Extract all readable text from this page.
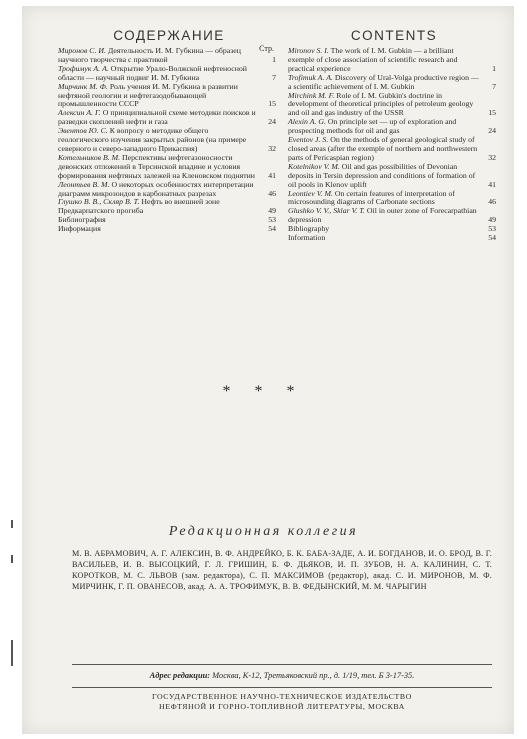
СОДЕРЖАНИЕ
Стр.
Миронов С. И. Деятельность И. М. Губкина — образец научного творчества с практикой	1
Трофимук А. А. Открытие Урало-Волжской нефтеносной области — научный подвиг И. М. Губкина	7
Мирчинк М. Ф. Роль учения И. М. Губкина в развитии нефтяной геологии и нефтегазодобывающей промышленности СССР	15
Алексин А. Г. О принципиальной схеме методики поисков и разведки скоплений нефти и газа	24
Эвентов Ю. С. К вопросу о методике общего геологического изучения закрытых районов (на примере северного и северо-западного Прикаспия)	32
Котельников В. М. Перспективы нефтегазоносности девонских отложений в Терсинской впадине и условия формирования нефтяных залежей на Кленовском поднятии	41
Леонтьев В. М. О некоторых особенностях интерпретации диаграмм микрозондов в карбонатных разрезах	46
Глушко В. В., Скляр В. Т. Нефть во внешней зоне Предкарпатского прогиба	49
Библиография	53
Информация	54
CONTENTS
Mironov S. I. The work of I. M. Gubkin — a brilliant exemple of close association of scientific research and practical experience	1
Trofimuk A. A. Discovery of Ural-Volga productive region — a scientific achievement of I. M. Gubkin	7
Mirchink M. F. Role of I. M. Gubkin's doctrine in development of theoretical principles of petroleum geology and oil and gas industry of the USSR	15
Alexin A. G. On principle set — up of exploration and prospecting methods for oil and gas	24
Eventov J. S. On the methods of general geological study of closed areas (after the exemple of northern and northwestern parts of Pericaspian region)	32
Kotelnikov V. M. Oil and gas possibilities of Devonian deposits in Tersin depression and conditions of formation of oil pools in Klenov uplift	41
Leontiev V. M. On certain features of interpretation of microsounding diagrams of Carbonate sections	46
Glushko V. V., Sklar V. T. Oil in outer zone of Forecarpathian depression	49
Bibliography	53
Information	54
* * *
Редакционная коллегия
М. В. АБРАМОВИЧ, А. Г. АЛЕКСИН, В. Ф. АНДРЕЙКО, Б. К. БАБА-ЗАДЕ, А. И. БОГДАНОВ, И. О. БРОД, В. Г. ВАСИЛЬЕВ, И. В. ВЫСОЦКИЙ, Г. Л. ГРИШИН, Б. Ф. ДЬЯКОВ, И. П. ЗУБОВ, Н. А. КАЛИНИН, С. Т. КОРОТКОВ, М. С. ЛЬВОВ (зам. редактора), С. П. МАКСИМОВ (редактор), акад. С. И. МИРОНОВ, М. Ф. МИРЧИНК, Г. П. ОВАНЕСОВ, акад. А. А. ТРОФИМУК, В. В. ФЕДЫНСКИЙ, М. М. ЧАРЫГИН
Адрес редакции: Москва, К-12, Третьяковский пр., д. 1/19, тел. Б 3-17-35.
ГОСУДАРСТВЕННОЕ НАУЧНО-ТЕХНИЧЕСКОЕ ИЗДАТЕЛЬСТВО
НЕФТЯНОЙ И ГОРНО-ТОПЛИВНОЙ ЛИТЕРАТУРЫ, МОСКВА
